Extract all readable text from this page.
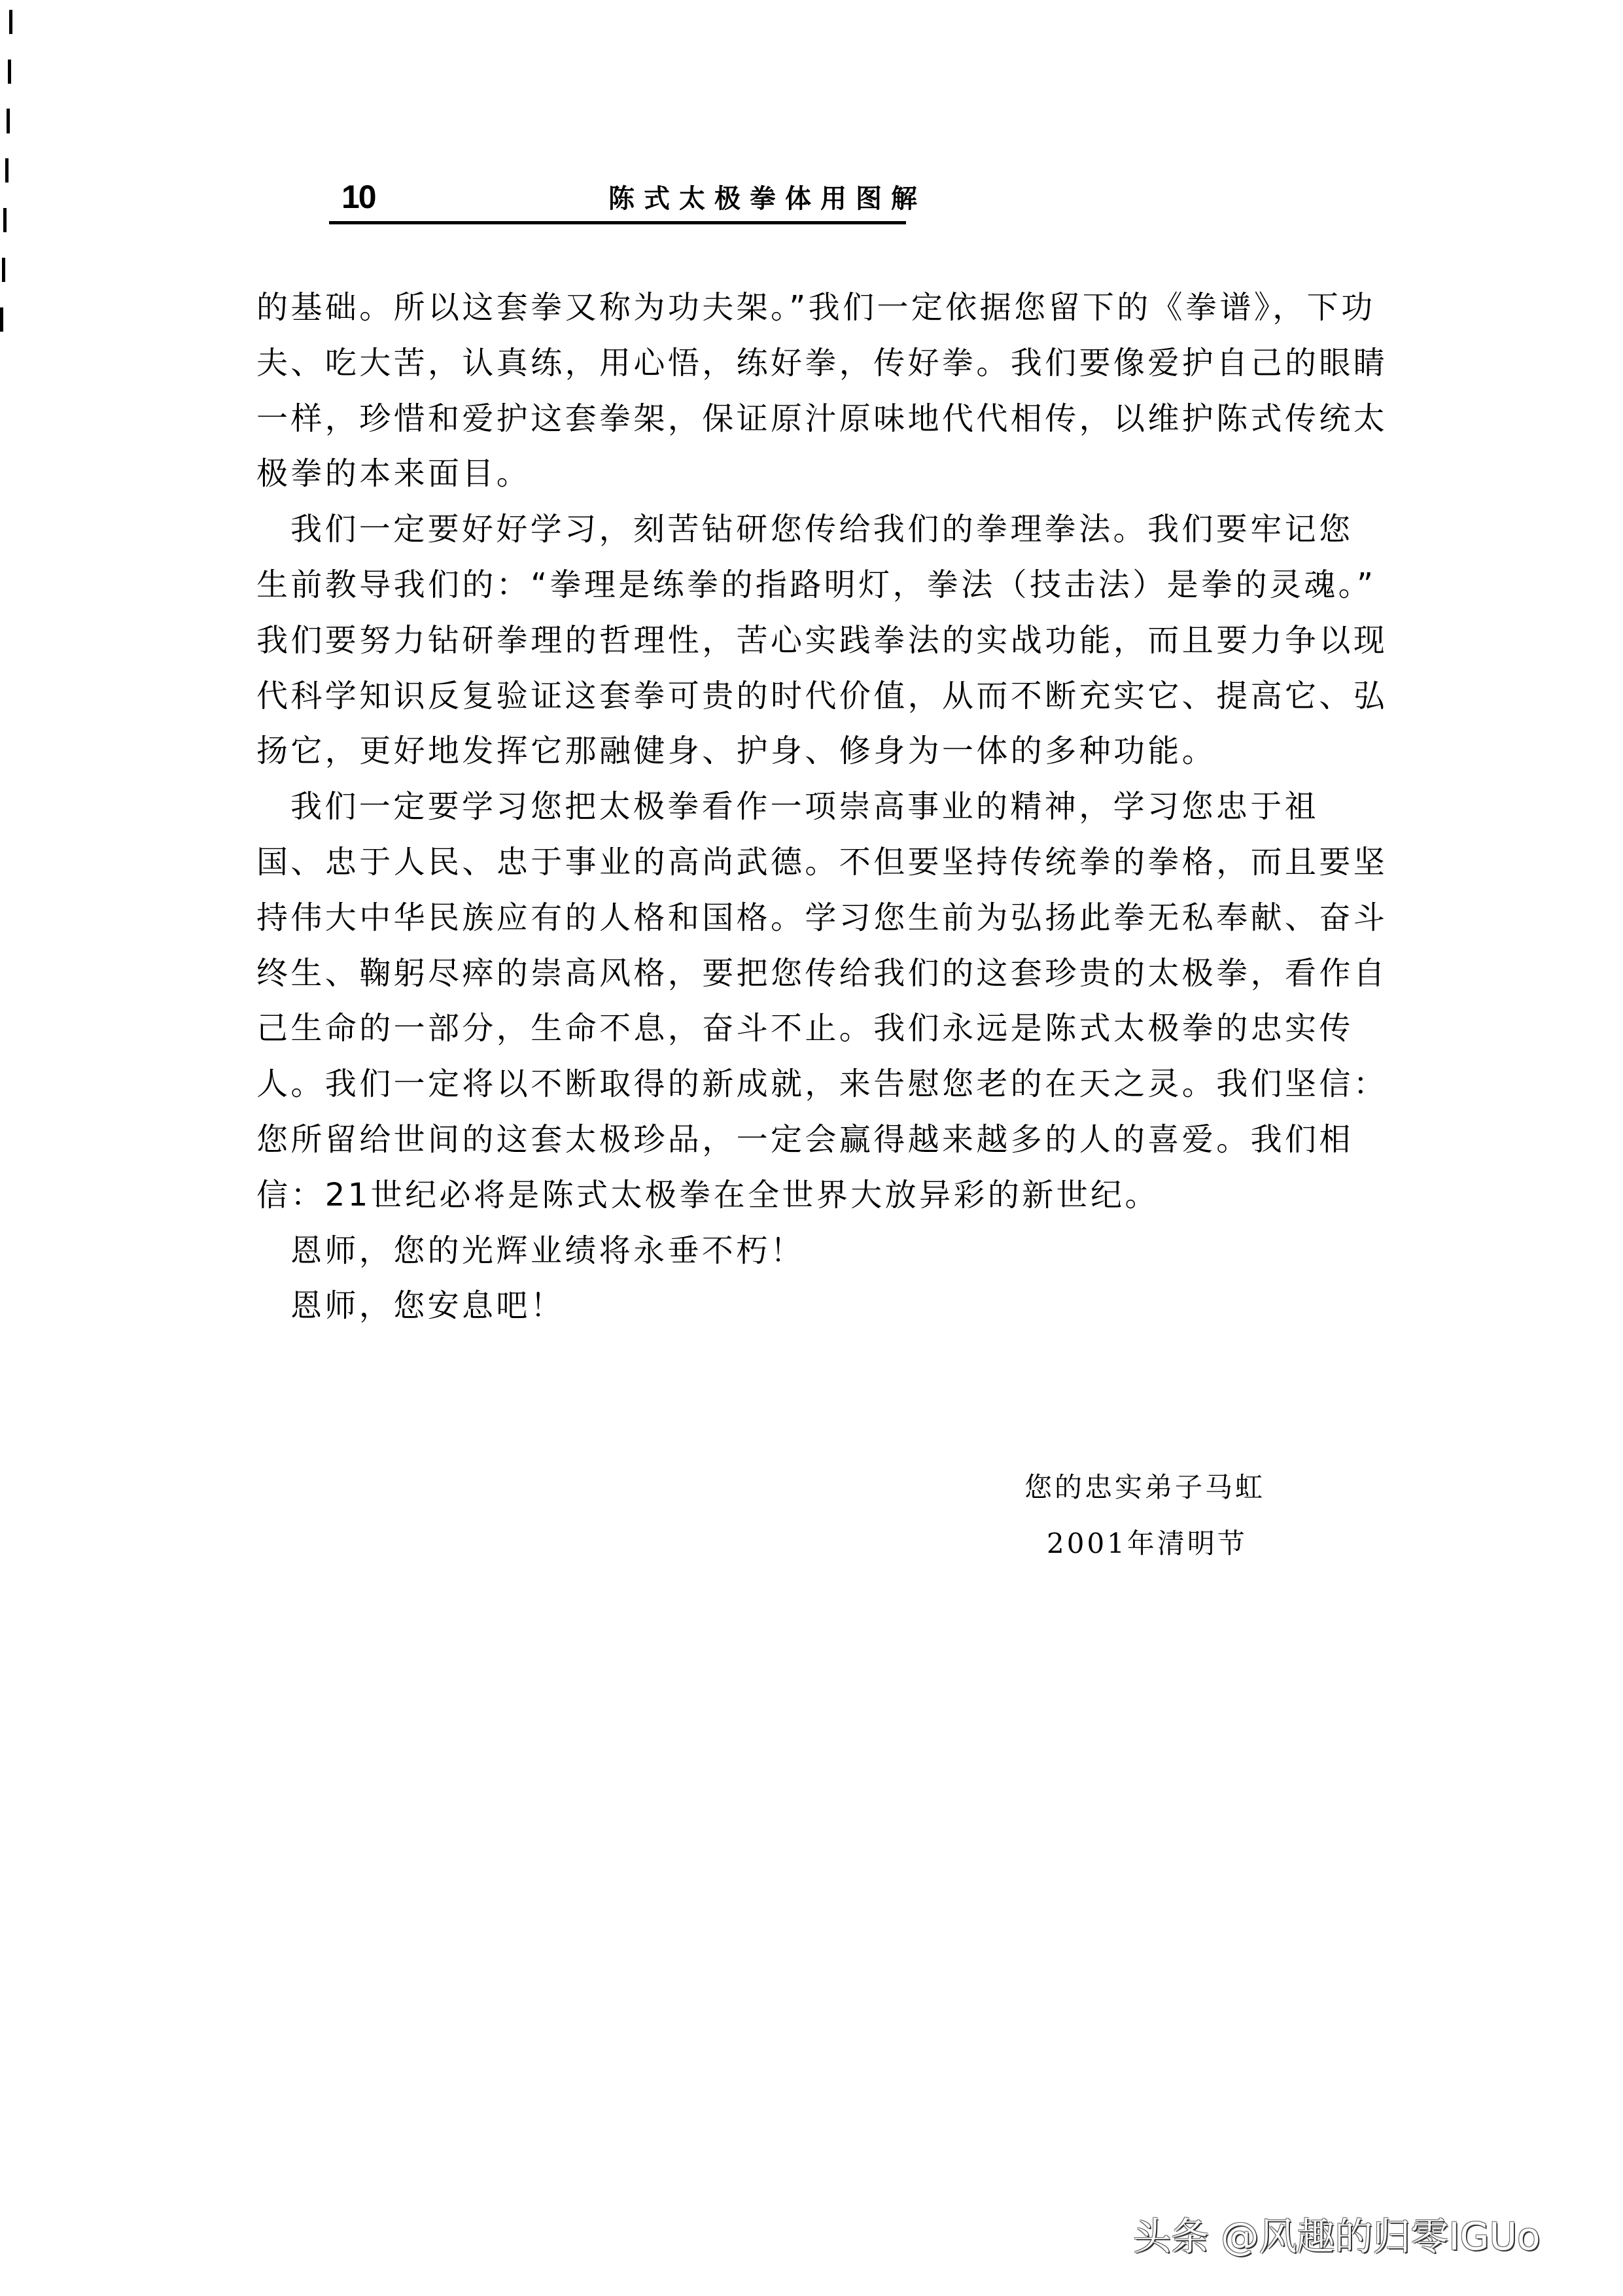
10	陈式太极拳体用图解
的基础。所以这套拳又称为功夫架。”我们一定依据您留下的《拳谱》，下功
夫、吃大苦，认真练，用心悟，练好拳，传好拳。我们要像爱护自己的眼睛
一样，珍惜和爱护这套拳架，保证原汁原味地代代相传，以维护陈式传统太
极拳的本来面目。
我们一定要好好学习，刻苦钻研您传给我们的拳理拳法。我们要牢记您
生前教导我们的：“拳理是练拳的指路明灯，拳法（技击法）是拳的灵魂。”
我们要努力钻研拳理的哲理性，苦心实践拳法的实战功能，而且要力争以现
代科学知识反复验证这套拳可贵的时代价值，从而不断充实它、提高它、弘
扬它，更好地发挥它那融健身、护身、修身为一体的多种功能。
我们一定要学习您把太极拳看作一项崇高事业的精神，学习您忠于祖
国、忠于人民、忠于事业的高尚武德。不但要坚持传统拳的拳格，而且要坚
持伟大中华民族应有的人格和国格。学习您生前为弘扬此拳无私奉献、奋斗
终生、鞠躬尽瘁的崇高风格，要把您传给我们的这套珍贵的太极拳，看作自
己生命的一部分，生命不息，奋斗不止。我们永远是陈式太极拳的忠实传
人。我们一定将以不断取得的新成就，来告慰您老的在天之灵。我们坚信：
您所留给世间的这套太极珍品，一定会赢得越来越多的人的喜爱。我们相
信：21世纪必将是陈式太极拳在全世界大放异彩的新世纪。
恩师，您的光辉业绩将永垂不朽！
恩师，您安息吧！
您的忠实弟子马虹
2001年清明节
头条 @风趣的归零IGUo
